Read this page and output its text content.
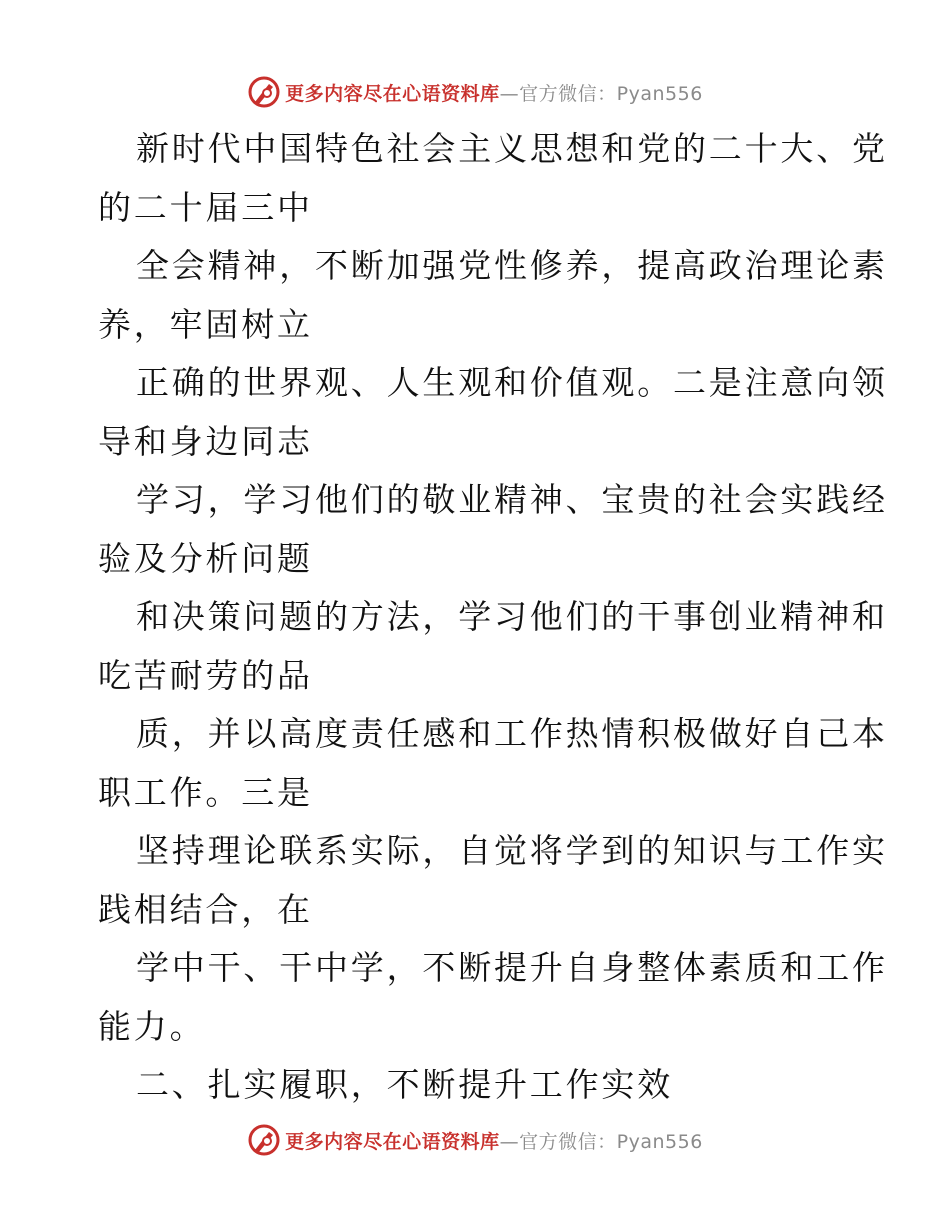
更多内容尽在心语资料库—官方微信：Pyan556
新时代中国特色社会主义思想和党的二十大、党
的二十届三中
全会精神，不断加强党性修养，提高政治理论素
养，牢固树立
正确的世界观、人生观和价值观。二是注意向领
导和身边同志
学习，学习他们的敬业精神、宝贵的社会实践经
验及分析问题
和决策问题的方法，学习他们的干事创业精神和
吃苦耐劳的品
质，并以高度责任感和工作热情积极做好自己本
职工作。三是
坚持理论联系实际，自觉将学到的知识与工作实
践相结合，在
学中干、干中学，不断提升自身整体素质和工作
能力。
二、扎实履职，不断提升工作实效
更多内容尽在心语资料库—官方微信：Pyan556
